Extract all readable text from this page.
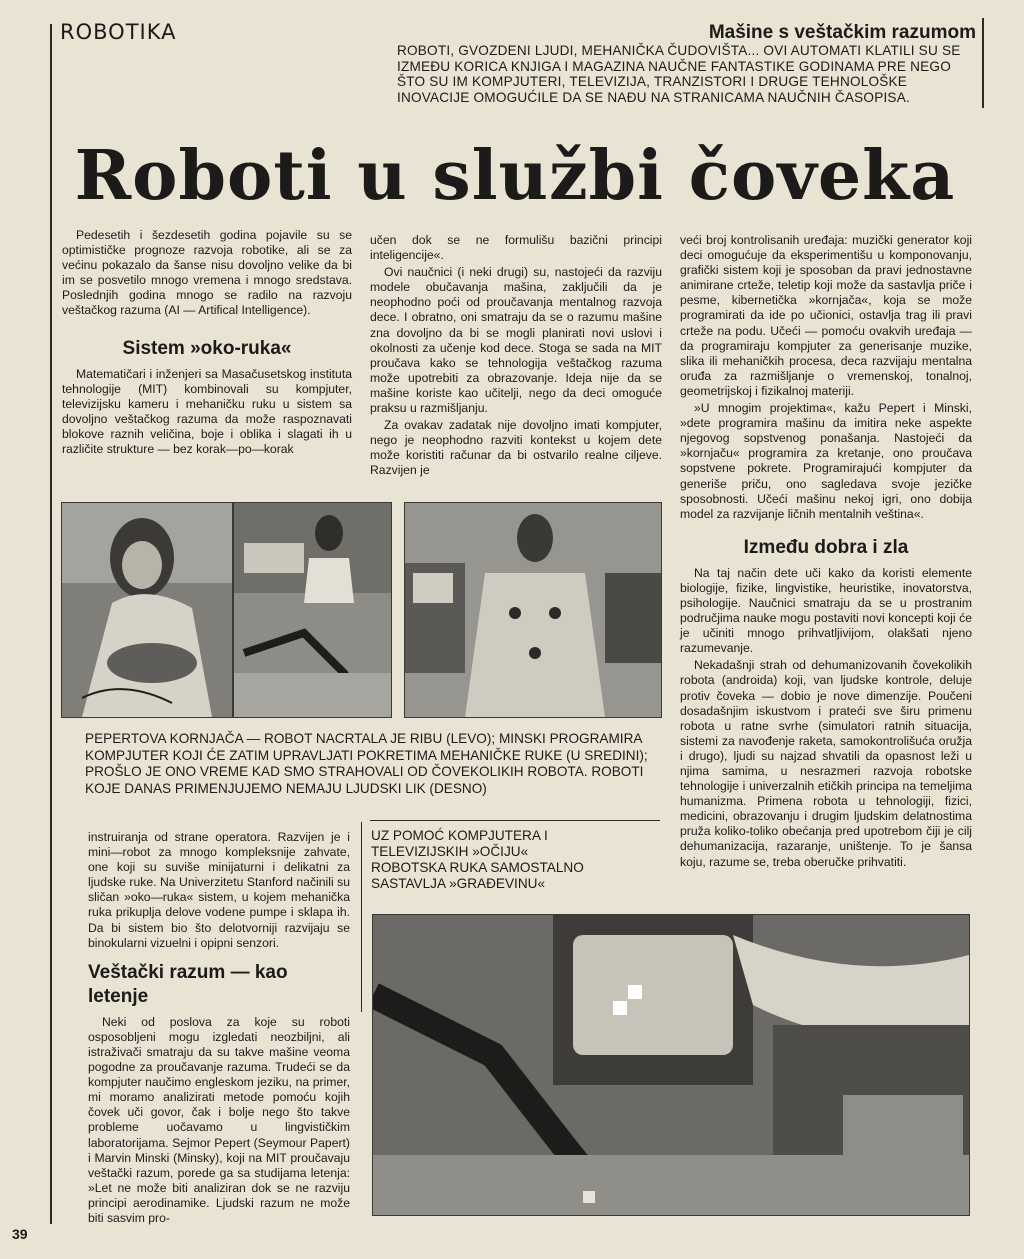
ROBOTIKA	Mašine s veštačkim razumom
ROBOTI, GVOZDENI LJUDI, MEHANIČKA ČUDOVIŠTA... OVI AUTOMATI KLATILI SU SE IZMEĐU KORICA KNJIGA I MAGAZINA NAUČNE FANTASTIKE GODINAMA PRE NEGO ŠTO SU IM KOMPJUTERI, TELEVIZIJA, TRANZISTORI I DRUGE TEHNOLOŠKE INOVACIJE OMOGUĆILE DA SE NAĐU NA STRANICAMA NAUČNIH ČASOPISA.
Roboti u službi čoveka

Pedesetih i šezdesetih godina pojavile su se optimističke prognoze razvoja robotike, ali se za većinu pokazalo da šanse nisu dovoljno velike da bi im se posvetilo mnogo vremena i mnogo sredstava. Poslednjih godina mnogo se radilo na razvoju veštačkog razuma (AI — Artifical Intelligence).

Sistem »oko-ruka«

Matematičari i inženjeri sa Masačusetskog instituta tehnologije (MIT) kombinovali su kompjuter, televizijsku kameru i mehaničku ruku u sistem sa dovoljno veštačkog razuma da može raspoznavati blokove raznih veličina, boje i oblika i slagati ih u različite strukture — bez korak—po—korak

učen dok se ne formulišu bazični principi inteligencije«.

Ovi naučnici (i neki drugi) su, nastojeći da razviju modele obučavanja mašina, zaključili da je neophodno poći od proučavanja mentalnog razvoja dece. I obratno, oni smatraju da se o razumu mašine zna dovoljno da bi se mogli planirati novi uslovi i okolnosti za učenje kod dece. Stoga se sada na MIT proučava kako se tehnologija veštačkog razuma može upotrebiti za obrazovanje. Ideja nije da se mašine koriste kao učitelji, nego da deci omoguće praksu u razmišljanju.

Za ovakav zadatak nije dovoljno imati kompjuter, nego je neophodno razviti kontekst u kojem dete može koristiti računar da bi ostvarilo realne ciljeve. Razvijen je

veći broj kontrolisanih uređaja: muzički generator koji deci omogućuje da eksperimentišu u komponovanju, grafički sistem koji je sposoban da pravi jednostavne animirane crteže, teletip koji može da sastavlja priče i pesme, kibernetička »kornjača«, koja se može programirati da ide po učionici, ostavlja trag ili pravi crteže na podu. Učeći — pomoću ovakvih uređaja — da programiraju kompjuter za generisanje muzike, slika ili mehaničkih procesa, deca razvijaju mentalna oruđa za razmišljanje o vremenskoj, tonalnoj, geometrijskoj i fizikalnoj materiji.

»U mnogim projektima«, kažu Pepert i Minski, »dete programira mašinu da imitira neke aspekte njegovog sopstvenog ponašanja. Nastojeći da »kornjaču« programira za kretanje, ono proučava sopstvene pokrete. Programirajući kompjuter da generiše priču, ono sagledava svoje jezičke sposobnosti. Učeći mašinu nekoj igri, ono dobija model za razvijanje ličnih mentalnih veština«.

Između dobra i zla

Na taj način dete uči kako da koristi elemente biologije, fizike, lingvistike, heuristike, inovatorstva, psihologije. Naučnici smatraju da se u prostranim područjima nauke mogu postaviti novi koncepti koji će je učiniti mnogo prihvatljivijom, olakšati njeno razumevanje.

Nekadašnji strah od dehumanizovanih čovekolikih robota (androida) koji, van ljudske kontrole, deluje protiv čoveka — dobio je nove dimenzije. Poučeni dosadašnjim iskustvom i prateći sve širu primenu robota u ratne svrhe (simulatori ratnih situacija, sistemi za navođenje raketa, samokontrolišuća oružja i drugo), ljudi su najzad shvatili da opasnost leži u njima samima, u nesrazmeri razvoja robotske tehnologije i univerzalnih etičkih principa na temeljima humanizma. Primena robota u tehnologiji, fizici, medicini, obrazovanju i drugim ljudskim delatnostima pruža koliko-toliko obećanja pred upotrebom čiji je cilj dehumanizacija, razaranje, uništenje. To je šansa koju, razume se, treba oberučke prihvatiti.

PEPERTOVA KORNJAČA — ROBOT NACRTALA JE RIBU (LEVO); MINSKI PROGRAMIRA KOMPJUTER KOJI ĆE ZATIM UPRAVLJATI POKRETIMA MEHANIČKE RUKE (U SREDINI); PROŠLO JE ONO VREME KAD SMO STRAHOVALI OD ČOVEKOLIKIH ROBOTA. ROBOTI KOJE DANAS PRIMENJUJEMO NEMAJU LJUDSKI LIK (DESNO)

instruiranja od strane operatora. Razvijen je i mini—robot za mnogo kompleksnije zahvate, one koji su suviše minijaturni i delikatni za ljudske ruke. Na Univerzitetu Stanford načinili su sličan »oko—ruka« sistem, u kojem mehanička ruka prikuplja delove vodene pumpe i sklapa ih. Da bi sistem bio što delotvorniji razvijaju se binokularni vizuelni i opipni senzori.

Veštački razum — kao letenje

Neki od poslova za koje su roboti osposobljeni mogu izgledati neozbiljni, ali istraživači smatraju da su takve mašine veoma pogodne za proučavanje razuma. Trudeći se da kompjuter naučimo engleskom jeziku, na primer, mi moramo analizirati metode pomoću kojih čovek uči govor, čak i bolje nego što takve probleme uočavamo u lingvističkim laboratorijama. Sejmor Pepert (Seymour Papert) i Marvin Minski (Minsky), koji na MIT proučavaju veštački razum, porede ga sa studijama letenja: »Let ne može biti analiziran dok se ne razviju principi aerodinamike. Ljudski razum ne može biti sasvim pro-

UZ POMOĆ KOMPJUTERA I TELEVIZIJSKIH »OČIJU« ROBOTSKA RUKA SAMOSTALNO SASTAVLJA »GRAĐEVINU«
39
